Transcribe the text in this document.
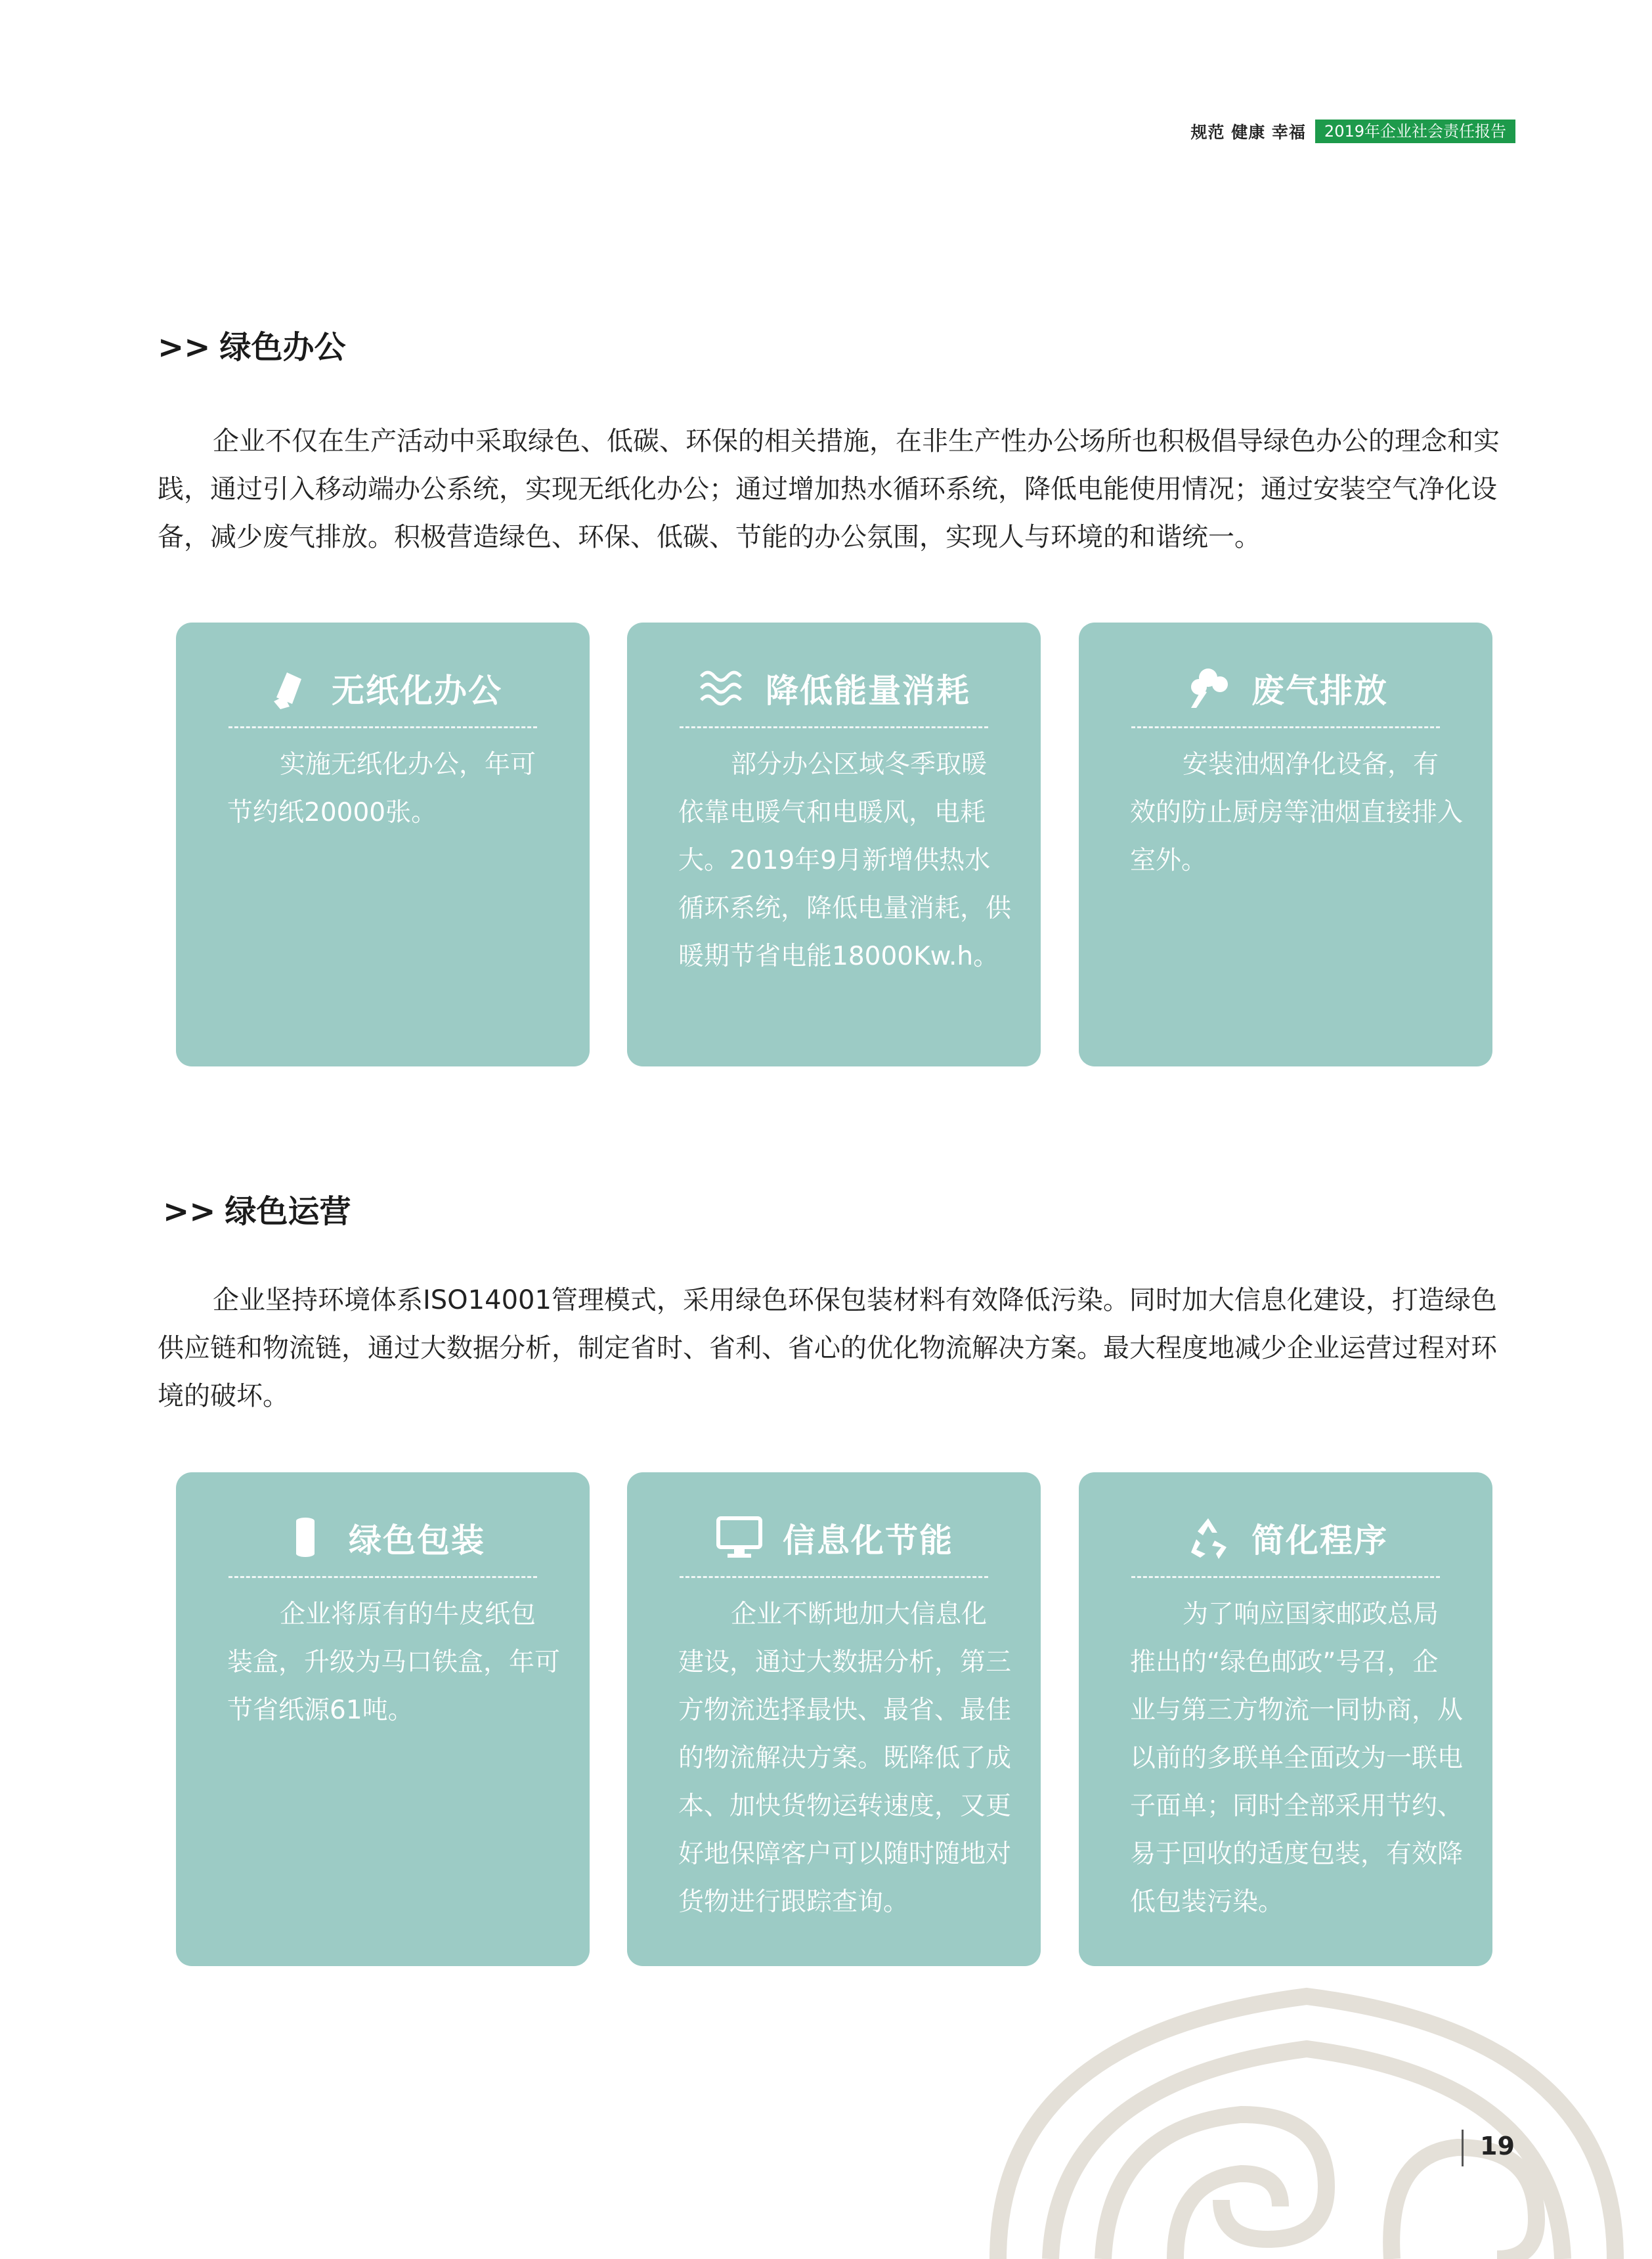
规范 健康 幸福	2019年企业社会责任报告
>> 绿色办公

企业不仅在生产活动中采取绿色、低碳、环保的相关措施，在非生产性办公场所也积极倡导绿色办公的理念和实践，通过引入移动端办公系统，实现无纸化办公；通过增加热水循环系统，降低电能使用情况；通过安装空气净化设备，减少废气排放。积极营造绿色、环保、低碳、节能的办公氛围，实现人与环境的和谐统一。

无纸化办公

实施无纸化办公，年可节约纸20000张。

降低能量消耗

部分办公区域冬季取暖依靠电暖气和电暖风，电耗大。2019年9月新增供热水循环系统，降低电量消耗，供暖期节省电能18000Kw.h。

废气排放

安装油烟净化设备，有效的防止厨房等油烟直接排入室外。

>> 绿色运营

企业坚持环境体系ISO14001管理模式，采用绿色环保包装材料有效降低污染。同时加大信息化建设，打造绿色供应链和物流链，通过大数据分析，制定省时、省利、省心的优化物流解决方案。最大程度地减少企业运营过程对环境的破坏。

绿色包装

企业将原有的牛皮纸包装盒，升级为马口铁盒，年可节省纸源61吨。

信息化节能

企业不断地加大信息化建设，通过大数据分析，第三方物流选择最快、最省、最佳的物流解决方案。既降低了成本、加快货物运转速度，又更好地保障客户可以随时随地对货物进行跟踪查询。

简化程序

为了响应国家邮政总局推出的“绿色邮政”号召，企业与第三方物流一同协商，从以前的多联单全面改为一联电子面单；同时全部采用节约、易于回收的适度包装，有效降低包装污染。

19
